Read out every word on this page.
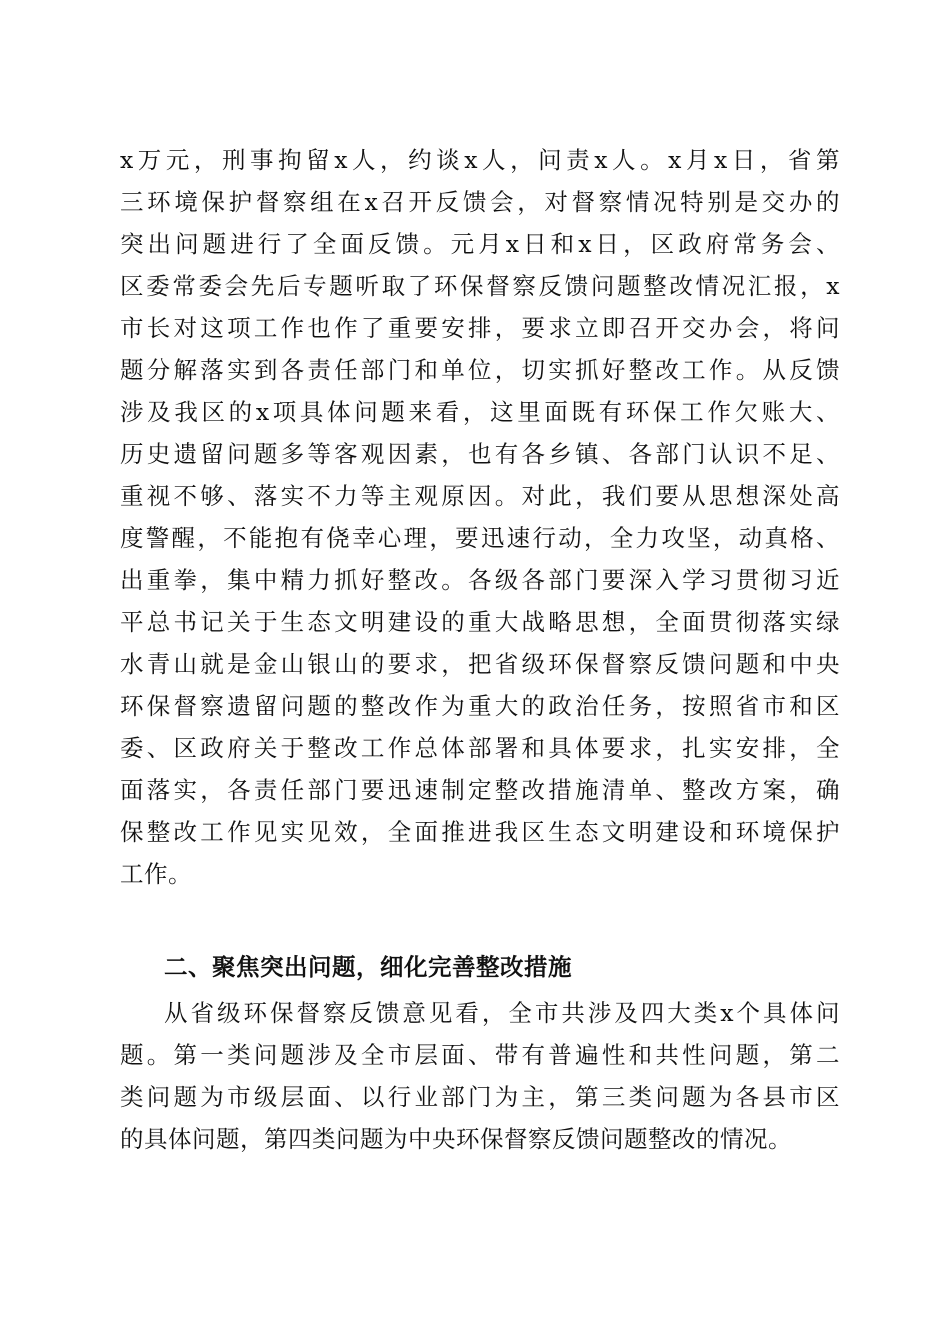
x万元，刑事拘留x人，约谈x人，问责x人。x月x日，省第
三环境保护督察组在x召开反馈会，对督察情况特别是交办的
突出问题进行了全面反馈。元月x日和x日，区政府常务会、
区委常委会先后专题听取了环保督察反馈问题整改情况汇报，x
市长对这项工作也作了重要安排，要求立即召开交办会，将问
题分解落实到各责任部门和单位，切实抓好整改工作。从反馈
涉及我区的x项具体问题来看，这里面既有环保工作欠账大、
历史遗留问题多等客观因素，也有各乡镇、各部门认识不足、
重视不够、落实不力等主观原因。对此，我们要从思想深处高
度警醒，不能抱有侥幸心理，要迅速行动，全力攻坚，动真格、
出重拳，集中精力抓好整改。各级各部门要深入学习贯彻习近
平总书记关于生态文明建设的重大战略思想，全面贯彻落实绿
水青山就是金山银山的要求，把省级环保督察反馈问题和中央
环保督察遗留问题的整改作为重大的政治任务，按照省市和区
委、区政府关于整改工作总体部署和具体要求，扎实安排，全
面落实，各责任部门要迅速制定整改措施清单、整改方案，确
保整改工作见实见效，全面推进我区生态文明建设和环境保护
工作。
二、聚焦突出问题，细化完善整改措施
从省级环保督察反馈意见看，全市共涉及四大类x个具体问
题。第一类问题涉及全市层面、带有普遍性和共性问题，第二
类问题为市级层面、以行业部门为主，第三类问题为各县市区
的具体问题，第四类问题为中央环保督察反馈问题整改的情况。
